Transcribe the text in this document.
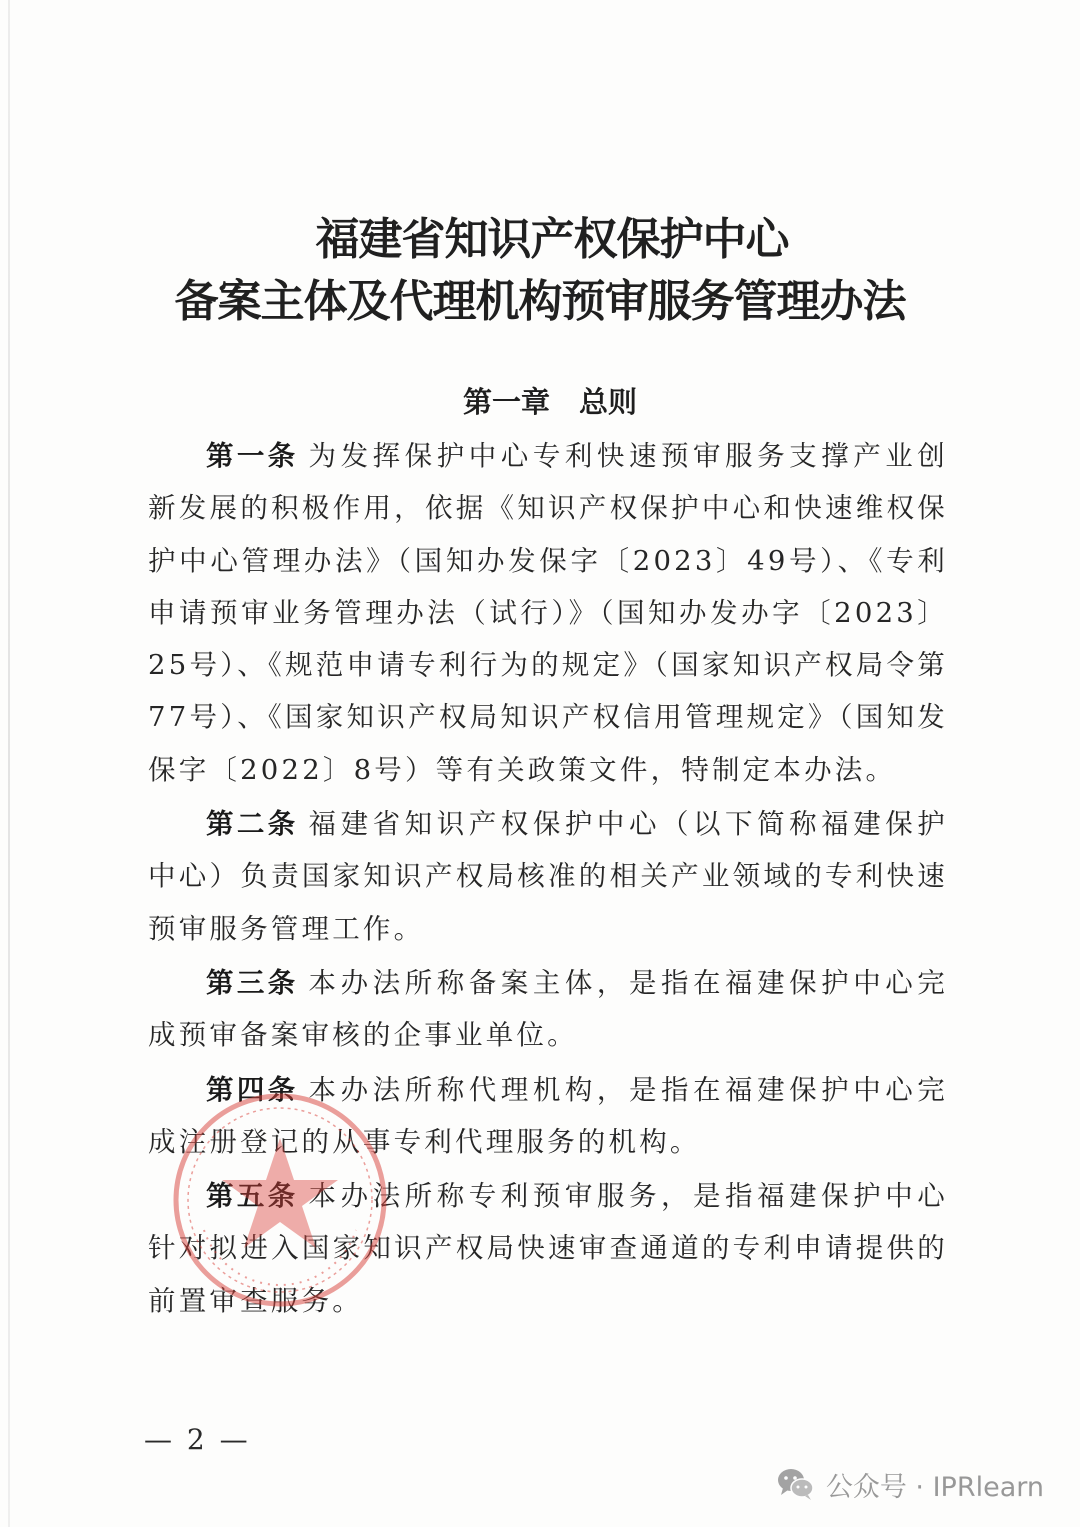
福建省知识产权保护中心
备案主体及代理机构预审服务管理办法
第一章　总则

第一条 为发挥保护中心专利快速预审服务支撑产业创新发展的积极作用，依据《知识产权保护中心和快速维权保护中心管理办法》（国知办发保字〔2023〕49号）、《专利申请预审业务管理办法（试行）》（国知办发办字〔2023〕25号）、《规范申请专利行为的规定》（国家知识产权局令第77号）、《国家知识产权局知识产权信用管理规定》（国知发保字〔2022〕8号）等有关政策文件，特制定本办法。

第二条 福建省知识产权保护中心（以下简称福建保护中心）负责国家知识产权局核准的相关产业领域的专利快速预审服务管理工作。

第三条 本办法所称备案主体，是指在福建保护中心完成预审备案审核的企事业单位。

第四条 本办法所称代理机构，是指在福建保护中心完成注册登记的从事专利代理服务的机构。

第五条 本办法所称专利预审服务，是指福建保护中心针对拟进入国家知识产权局快速审查通道的专利申请提供的前置审查服务。

— 2 —
公众号 · IPRlearn
